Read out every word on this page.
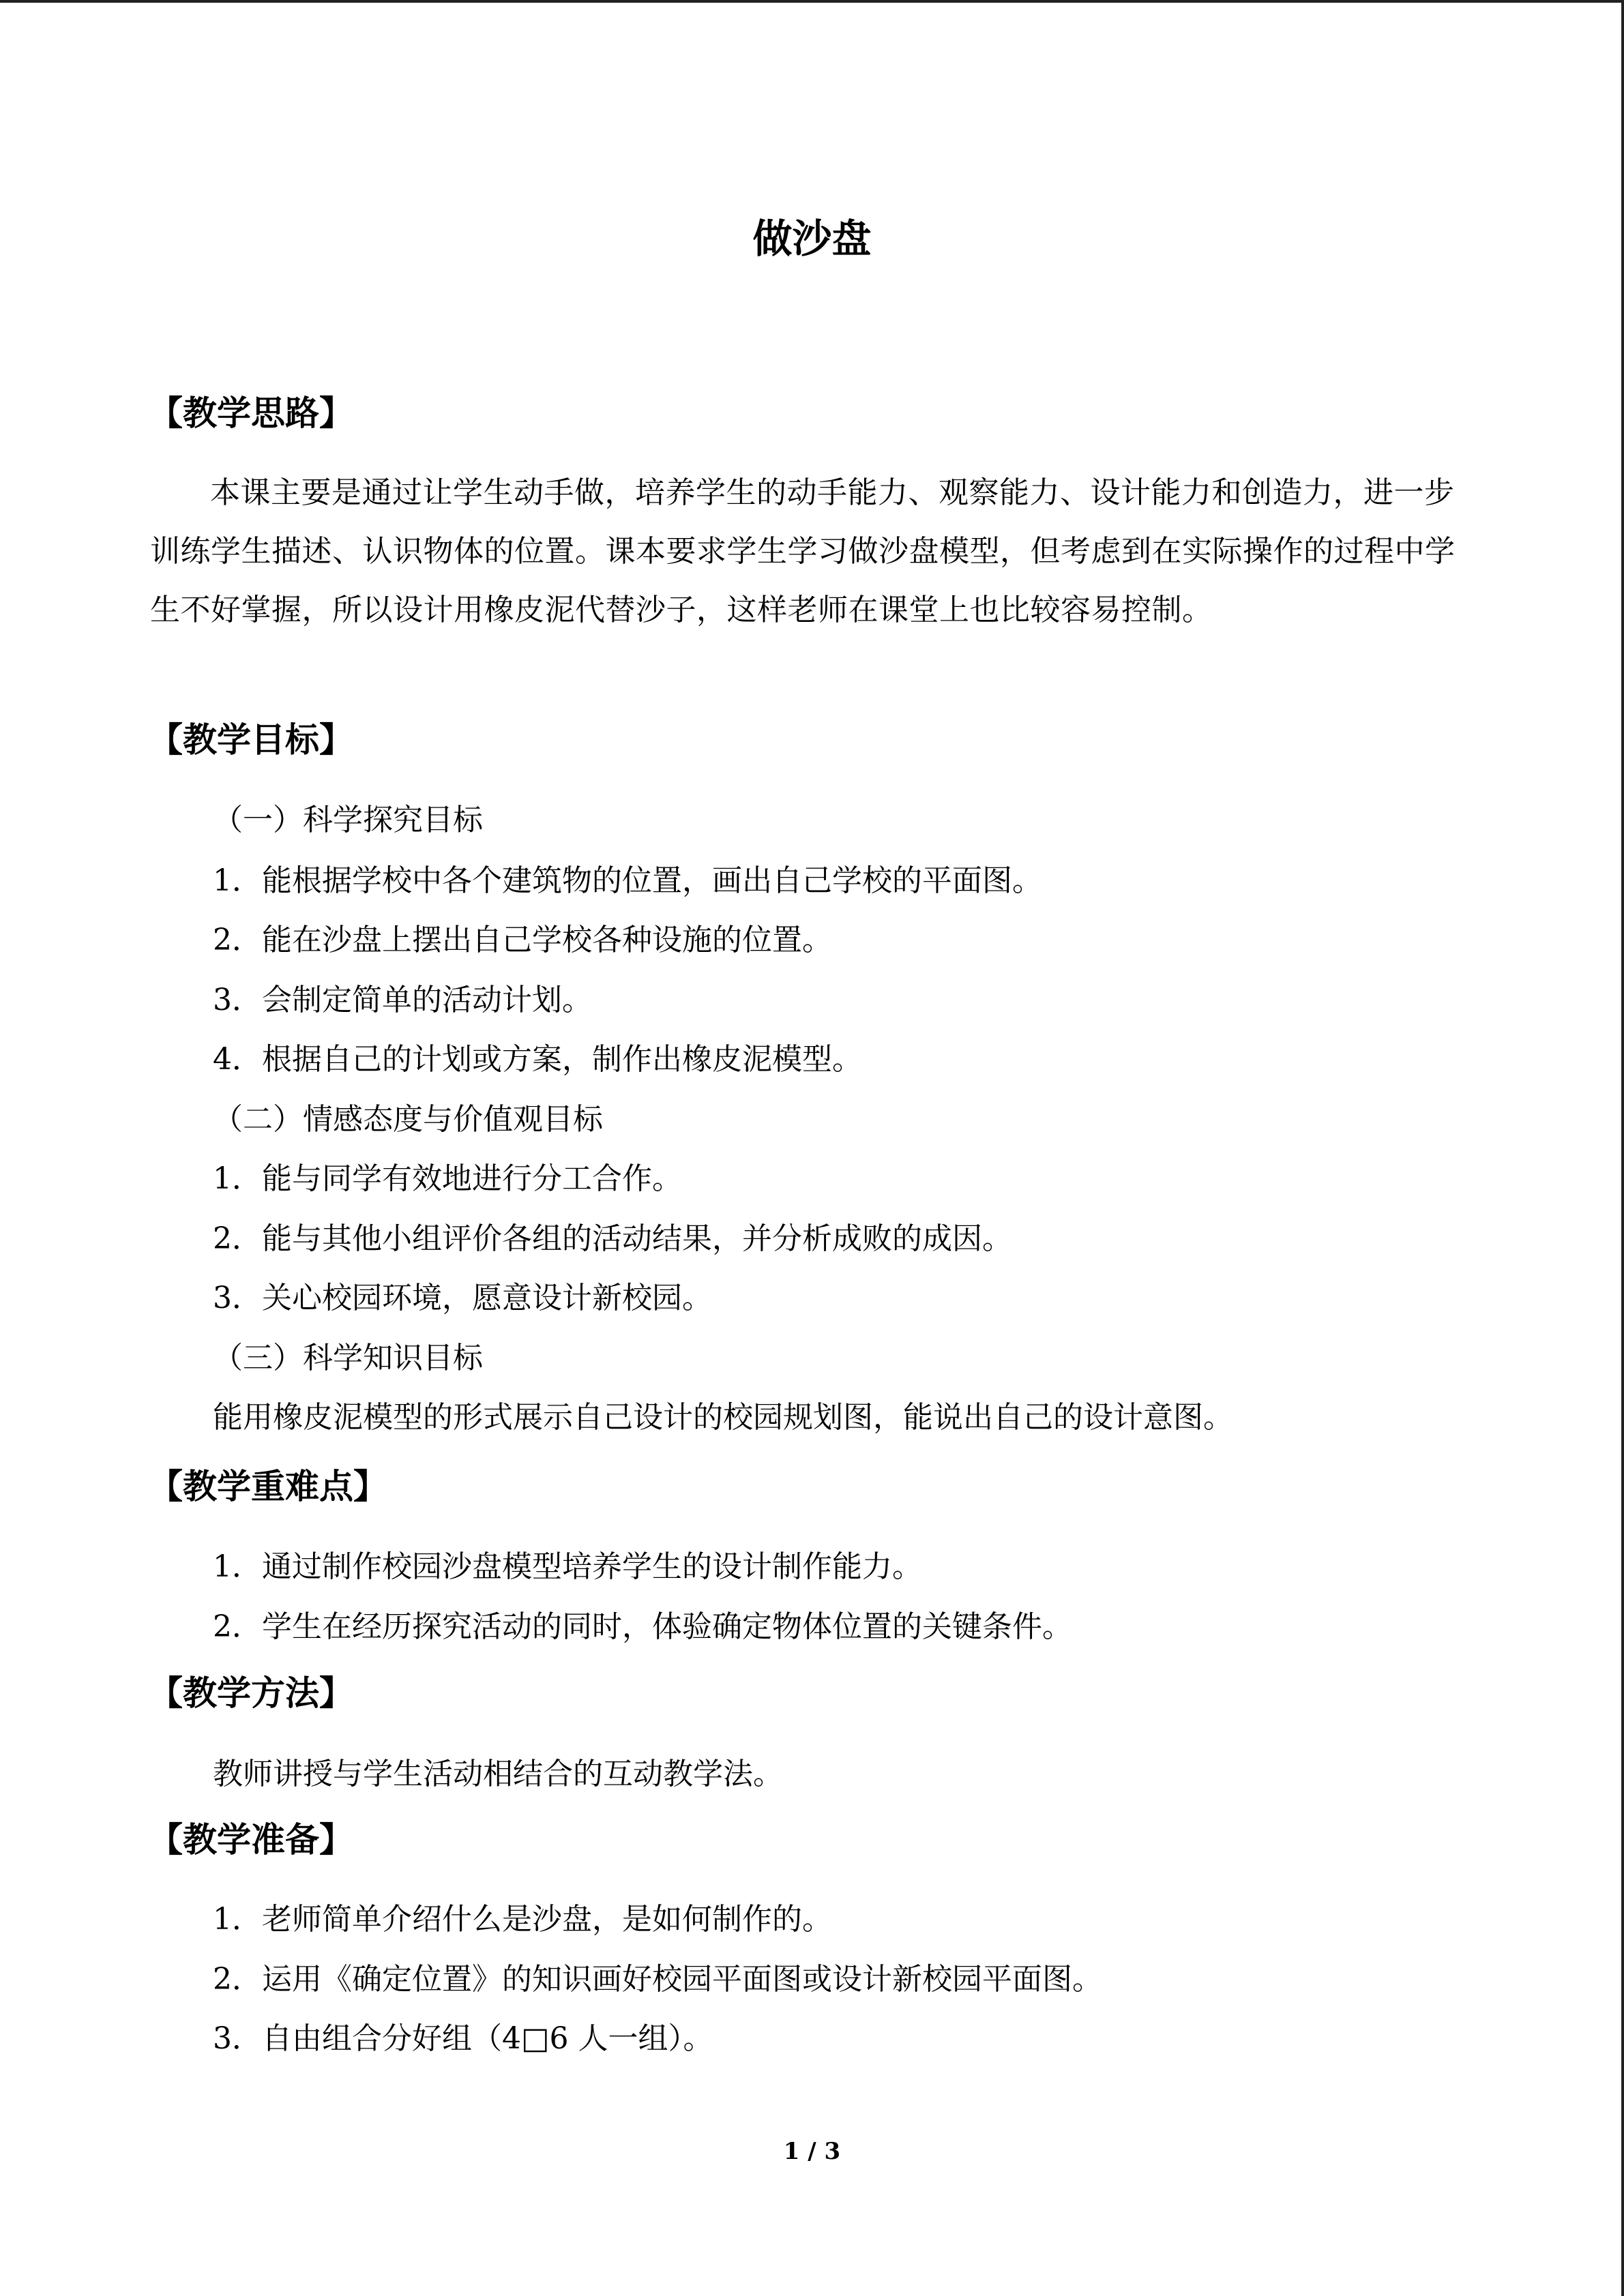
做沙盘
【教学思路】
本课主要是通过让学生动手做，培养学生的动手能力、观察能力、设计能力和创造力，进一步训练学生描述、认识物体的位置。课本要求学生学习做沙盘模型，但考虑到在实际操作的过程中学生不好掌握，所以设计用橡皮泥代替沙子，这样老师在课堂上也比较容易控制。
【教学目标】
（一）科学探究目标
1．能根据学校中各个建筑物的位置，画出自己学校的平面图。
2．能在沙盘上摆出自己学校各种设施的位置。
3．会制定简单的活动计划。
4．根据自己的计划或方案，制作出橡皮泥模型。
（二）情感态度与价值观目标
1．能与同学有效地进行分工合作。
2．能与其他小组评价各组的活动结果，并分析成败的成因。
3．关心校园环境，愿意设计新校园。
（三）科学知识目标
能用橡皮泥模型的形式展示自己设计的校园规划图，能说出自己的设计意图。
【教学重难点】
1．通过制作校园沙盘模型培养学生的设计制作能力。
2．学生在经历探究活动的同时，体验确定物体位置的关键条件。
【教学方法】
教师讲授与学生活动相结合的互动教学法。
【教学准备】
1．老师简单介绍什么是沙盘，是如何制作的。
2．运用《确定位置》的知识画好校园平面图或设计新校园平面图。
3．自由组合分好组（4□6 人一组）。
1 / 3
